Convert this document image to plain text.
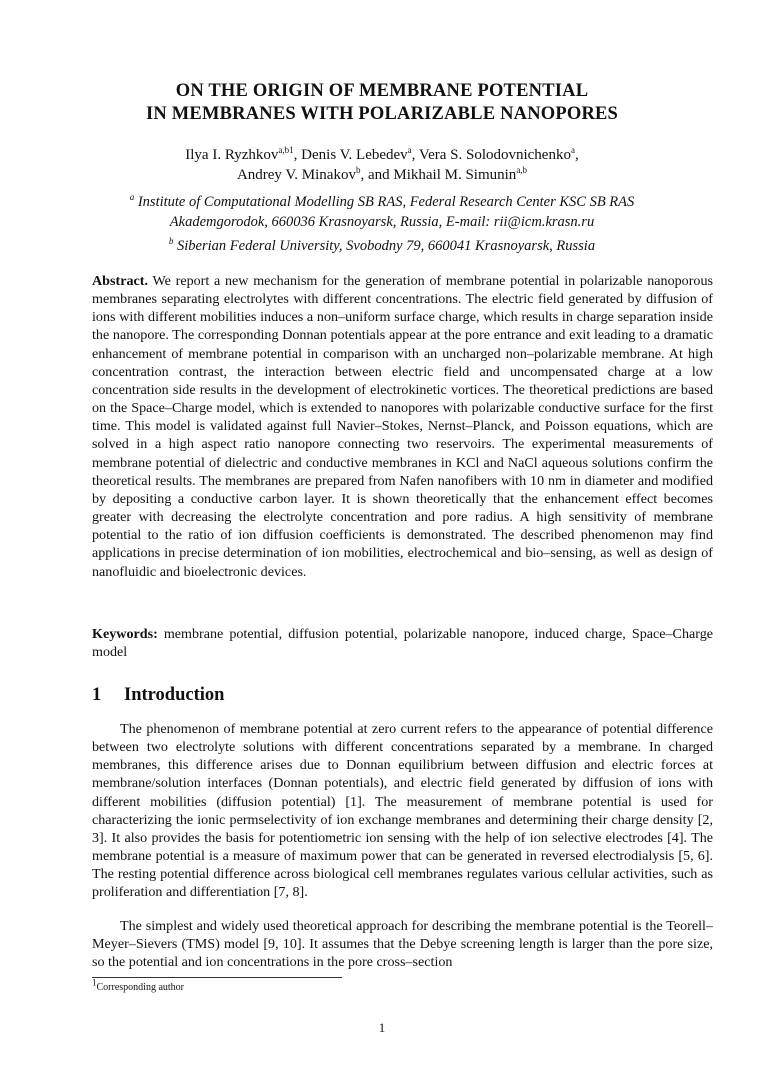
ON THE ORIGIN OF MEMBRANE POTENTIAL
IN MEMBRANES WITH POLARIZABLE NANOPORES
Ilya I. Ryzhkov$^{a,b1}$, Denis V. Lebedev$^a$, Vera S. Solodovnichenko$^a$,
Andrey V. Minakov$^b$, and Mikhail M. Simunin$^{a,b}$
$^a$ Institute of Computational Modelling SB RAS, Federal Research Center KSC SB RAS
Akademgorodok, 660036 Krasnoyarsk, Russia, E-mail: rii@icm.krasn.ru
$^b$ Siberian Federal University, Svobodny 79, 660041 Krasnoyarsk, Russia
Abstract. We report a new mechanism for the generation of membrane potential in polarizable nanoporous membranes separating electrolytes with different concentrations. The electric field generated by diffusion of ions with different mobilities induces a non–uniform surface charge, which results in charge separation inside the nanopore. The corresponding Donnan potentials appear at the pore entrance and exit leading to a dramatic enhancement of membrane potential in comparison with an uncharged non–polarizable membrane. At high concentration contrast, the interaction between electric field and uncompensated charge at a low concentration side results in the development of electrokinetic vortices. The theoretical predictions are based on the Space–Charge model, which is extended to nanopores with polarizable conductive surface for the first time. This model is validated against full Navier–Stokes, Nernst–Planck, and Poisson equations, which are solved in a high aspect ratio nanopore connecting two reservoirs. The experimental measurements of membrane potential of dielectric and conductive membranes in KCl and NaCl aqueous solutions confirm the theoretical results. The membranes are prepared from Nafen nanofibers with 10 nm in diameter and modified by depositing a conductive carbon layer. It is shown theoretically that the enhancement effect becomes greater with decreasing the electrolyte concentration and pore radius. A high sensitivity of membrane potential to the ratio of ion diffusion coefficients is demonstrated. The described phenomenon may find applications in precise determination of ion mobilities, electrochemical and bio–sensing, as well as design of nanofluidic and bioelectronic devices.
Keywords: membrane potential, diffusion potential, polarizable nanopore, induced charge, Space–Charge model
1 Introduction
The phenomenon of membrane potential at zero current refers to the appearance of potential difference between two electrolyte solutions with different concentrations separated by a membrane. In charged membranes, this difference arises due to Donnan equilibrium between diffusion and electric forces at membrane/solution interfaces (Donnan potentials), and electric field generated by diffusion of ions with different mobilities (diffusion potential) [1]. The measurement of membrane potential is used for characterizing the ionic permselectivity of ion exchange membranes and determining their charge density [2, 3]. It also provides the basis for potentiometric ion sensing with the help of ion selective electrodes [4]. The membrane potential is a measure of maximum power that can be generated in reversed electrodialysis [5, 6]. The resting potential difference across biological cell membranes regulates various cellular activities, such as proliferation and differentiation [7, 8].
The simplest and widely used theoretical approach for describing the membrane potential is the Teorell–Meyer–Sievers (TMS) model [9, 10]. It assumes that the Debye screening length is larger than the pore size, so the potential and ion concentrations in the pore cross–section
$^1$Corresponding author
1
